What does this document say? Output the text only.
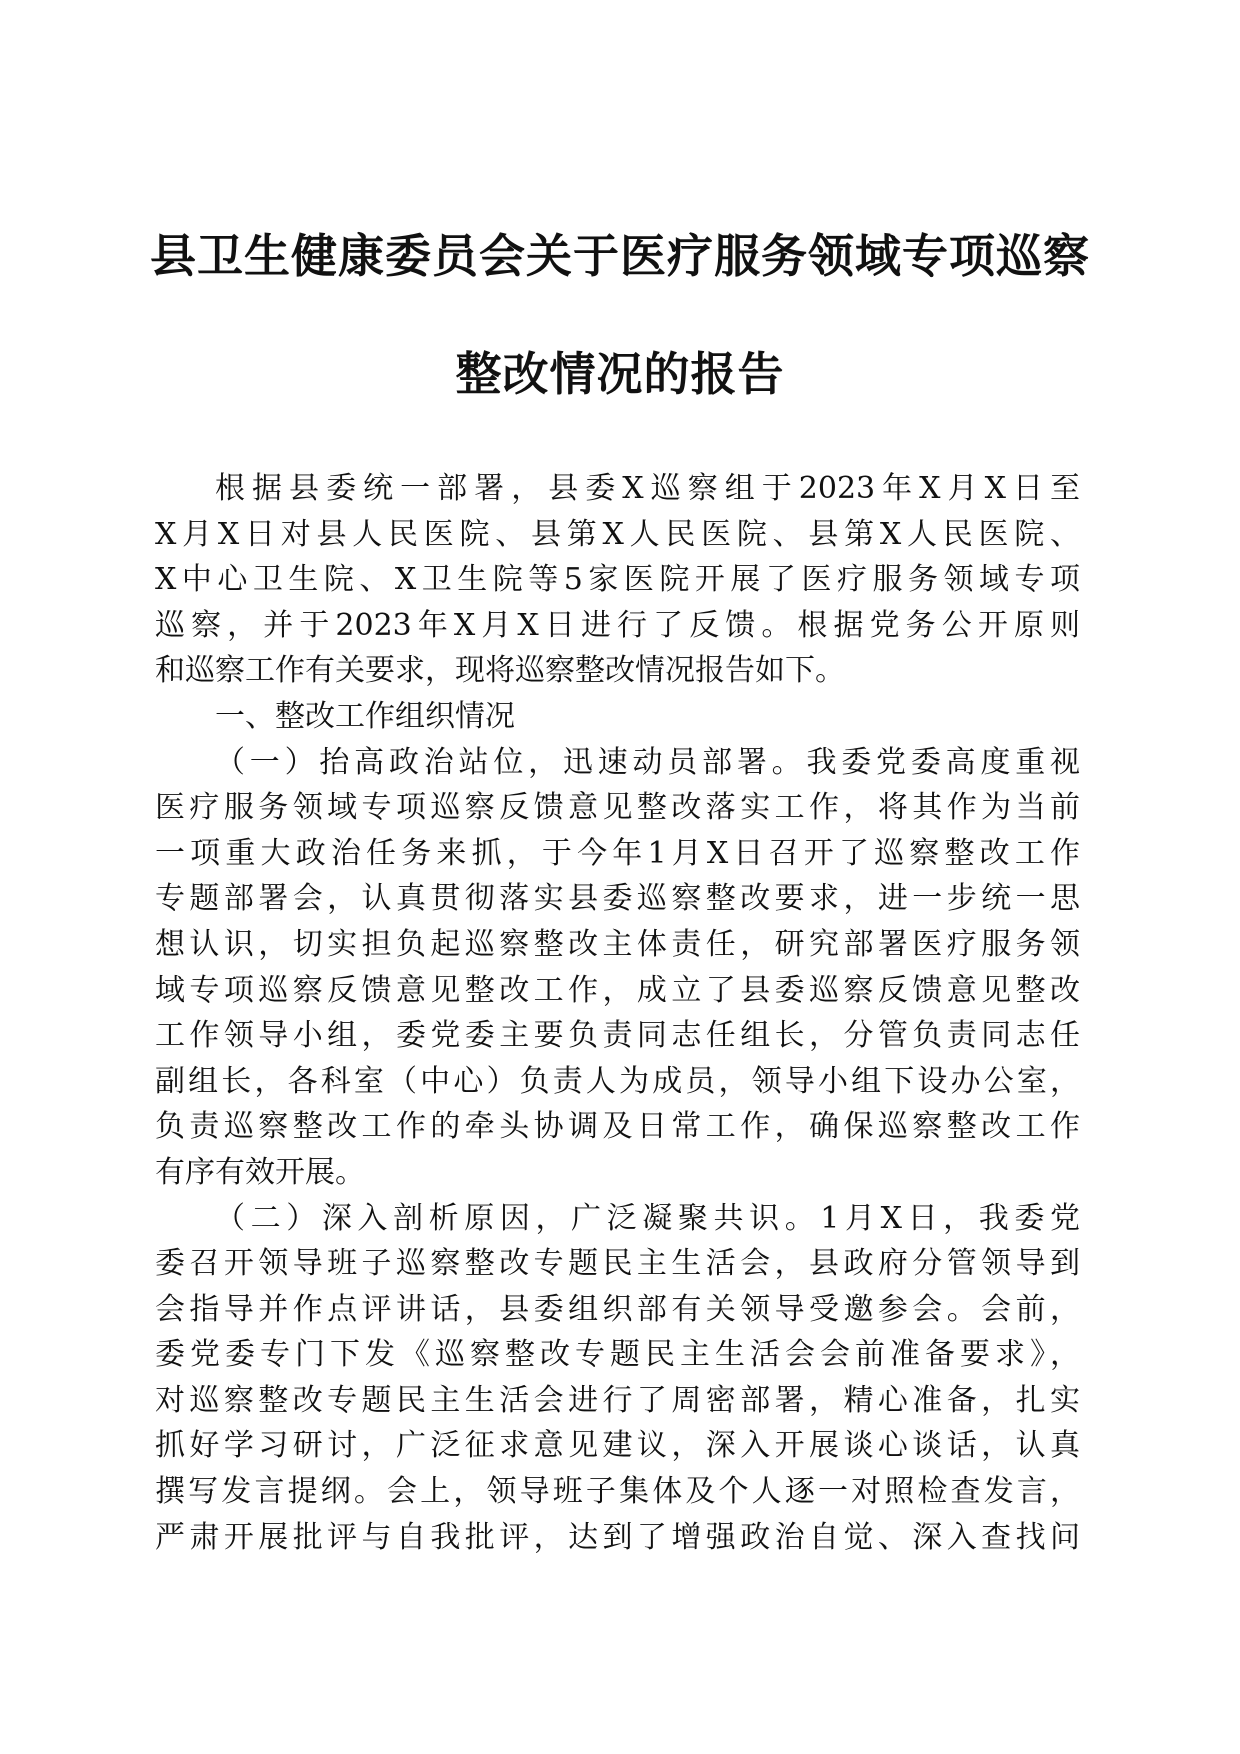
县卫生健康委员会关于医疗服务领域专项巡察
整改情况的报告
根据县委统一部署，县委X巡察组于2023年X月X日至
X月X日对县人民医院、县第X人民医院、县第X人民医院、
X中心卫生院、X卫生院等5家医院开展了医疗服务领域专项
巡察，并于2023年X月X日进行了反馈。根据党务公开原则
和巡察工作有关要求，现将巡察整改情况报告如下。
一、整改工作组织情况
（一）抬高政治站位，迅速动员部署。我委党委高度重视
医疗服务领域专项巡察反馈意见整改落实工作，将其作为当前
一项重大政治任务来抓，于今年1月X日召开了巡察整改工作
专题部署会，认真贯彻落实县委巡察整改要求，进一步统一思
想认识，切实担负起巡察整改主体责任，研究部署医疗服务领
域专项巡察反馈意见整改工作，成立了县委巡察反馈意见整改
工作领导小组，委党委主要负责同志任组长，分管负责同志任
副组长，各科室（中心）负责人为成员，领导小组下设办公室，
负责巡察整改工作的牵头协调及日常工作，确保巡察整改工作
有序有效开展。
（二）深入剖析原因，广泛凝聚共识。1月X日，我委党
委召开领导班子巡察整改专题民主生活会，县政府分管领导到
会指导并作点评讲话，县委组织部有关领导受邀参会。会前，
委党委专门下发《巡察整改专题民主生活会会前准备要求》，
对巡察整改专题民主生活会进行了周密部署，精心准备，扎实
抓好学习研讨，广泛征求意见建议，深入开展谈心谈话，认真
撰写发言提纲。会上，领导班子集体及个人逐一对照检查发言，
严肃开展批评与自我批评，达到了增强政治自觉、深入查找问
